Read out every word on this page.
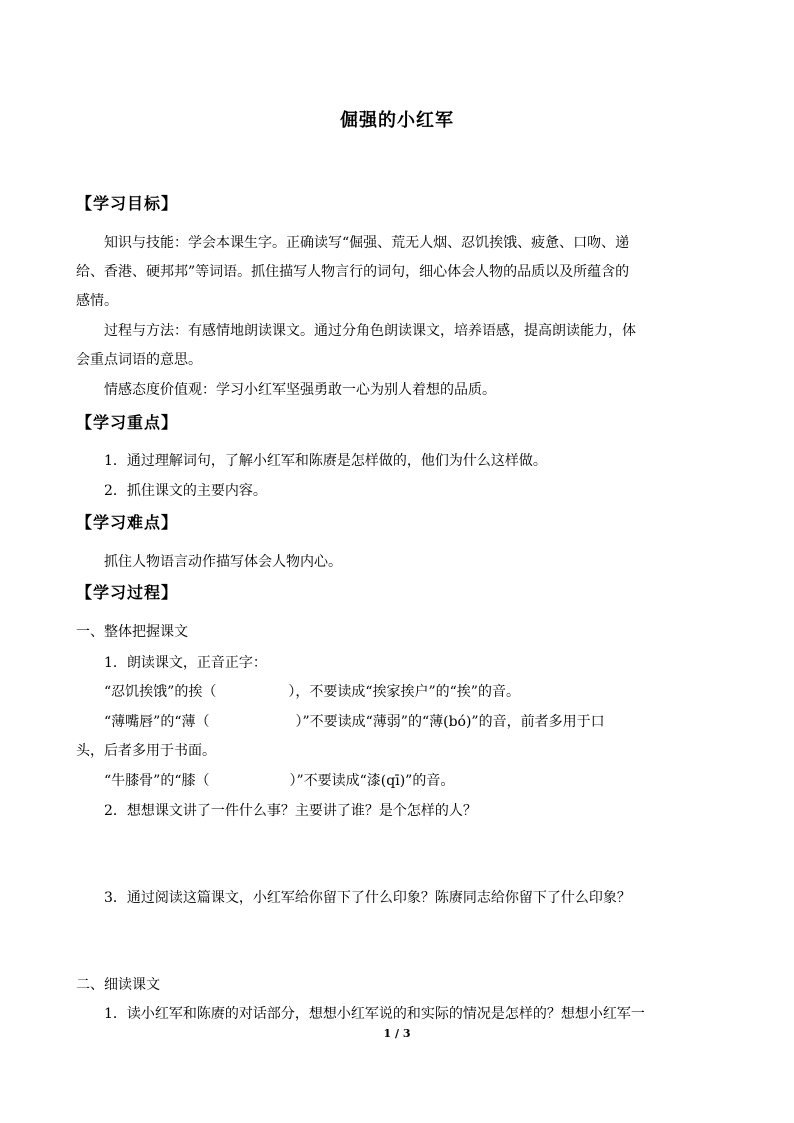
倔强的小红军
【学习目标】
知识与技能：学会本课生字。正确读写“倔强、荒无人烟、忍饥挨饿、疲惫、口吻、递
给、香港、硬邦邦”等词语。抓住描写人物言行的词句，细心体会人物的品质以及所蕴含的
感情。
过程与方法：有感情地朗读课文。通过分角色朗读课文，培养语感，提高朗读能力，体
会重点词语的意思。
情感态度价值观：学习小红军坚强勇敢一心为别人着想的品质。
【学习重点】
1．通过理解词句，了解小红军和陈赓是怎样做的，他们为什么这样做。
2．抓住课文的主要内容。
【学习难点】
抓住人物语言动作描写体会人物内心。
【学习过程】
一、整体把握课文
1．朗读课文，正音正字：
“忍饥挨饿”的挨（	），不要读成“挨家挨户”的“挨”的音。
“薄嘴唇”的“薄（	）”不要读成“薄弱”的“薄(bó)”的音，前者多用于口
头，后者多用于书面。
“牛膝骨”的“膝（	）”不要读成“漆(qī)”的音。
2．想想课文讲了一件什么事？主要讲了谁？是个怎样的人？
3．通过阅读这篇课文，小红军给你留下了什么印象？陈赓同志给你留下了什么印象？
二、细读课文
1．读小红军和陈赓的对话部分，想想小红军说的和实际的情况是怎样的？想想小红军一
1 / 3
